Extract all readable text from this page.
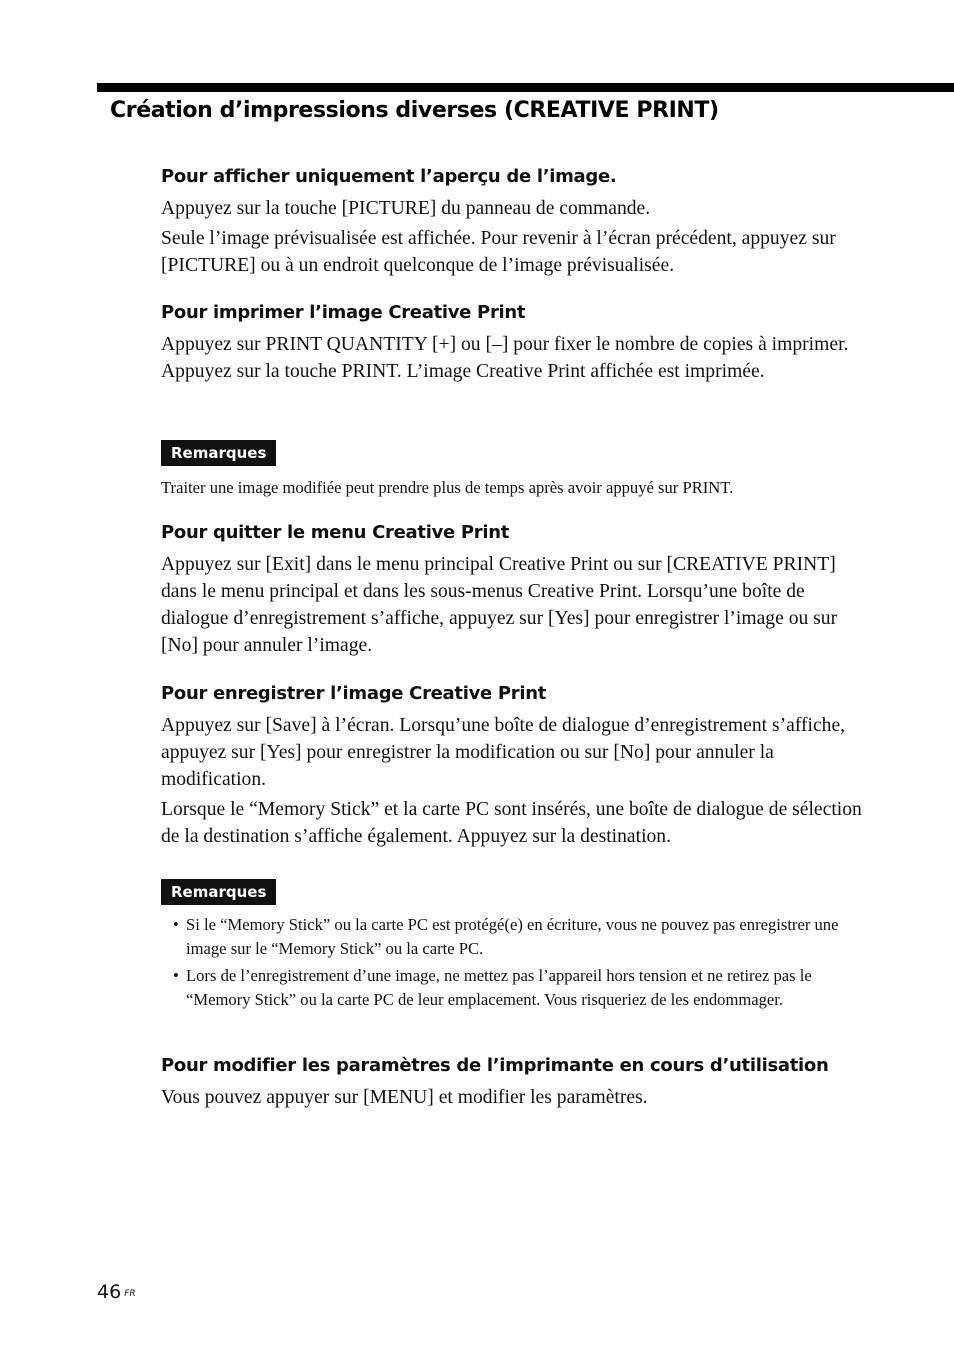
Création d’impressions diverses (CREATIVE PRINT)
Pour afficher uniquement l’aperçu de l’image.

Appuyez sur la touche [PICTURE] du panneau de commande.

Seule l’image prévisualisée est affichée. Pour revenir à l’écran précédent, appuyez sur [PICTURE] ou à un endroit quelconque de l’image prévisualisée.

Pour imprimer l’image Creative Print

Appuyez sur PRINT QUANTITY [+] ou [–] pour fixer le nombre de copies à imprimer. Appuyez sur la touche PRINT. L’image Creative Print affichée est imprimée.

Remarques
Traiter une image modifiée peut prendre plus de temps après avoir appuyé sur PRINT.
Pour quitter le menu Creative Print

Appuyez sur [Exit] dans le menu principal Creative Print ou sur [CREATIVE PRINT] dans le menu principal et dans les sous-menus Creative Print. Lorsqu’une boîte de dialogue d’enregistrement s’affiche, appuyez sur [Yes] pour enregistrer l’image ou sur [No] pour annuler l’image.

Pour enregistrer l’image Creative Print

Appuyez sur [Save] à l’écran. Lorsqu’une boîte de dialogue d’enregistrement s’affiche, appuyez sur [Yes] pour enregistrer la modification ou sur [No] pour annuler la modification.

Lorsque le “Memory Stick” et la carte PC sont insérés, une boîte de dialogue de sélection de la destination s’affiche également. Appuyez sur la destination.

Remarques
• Si le “Memory Stick” ou la carte PC est protégé(e) en écriture, vous ne pouvez pas enregistrer une image sur le “Memory Stick” ou la carte PC.
• Lors de l’enregistrement d’une image, ne mettez pas l’appareil hors tension et ne retirez pas le “Memory Stick” ou la carte PC de leur emplacement. Vous risqueriez de les endommager.
Pour modifier les paramètres de l’imprimante en cours d’utilisation

Vous pouvez appuyer sur [MENU] et modifier les paramètres.

46 $^{FR}$
